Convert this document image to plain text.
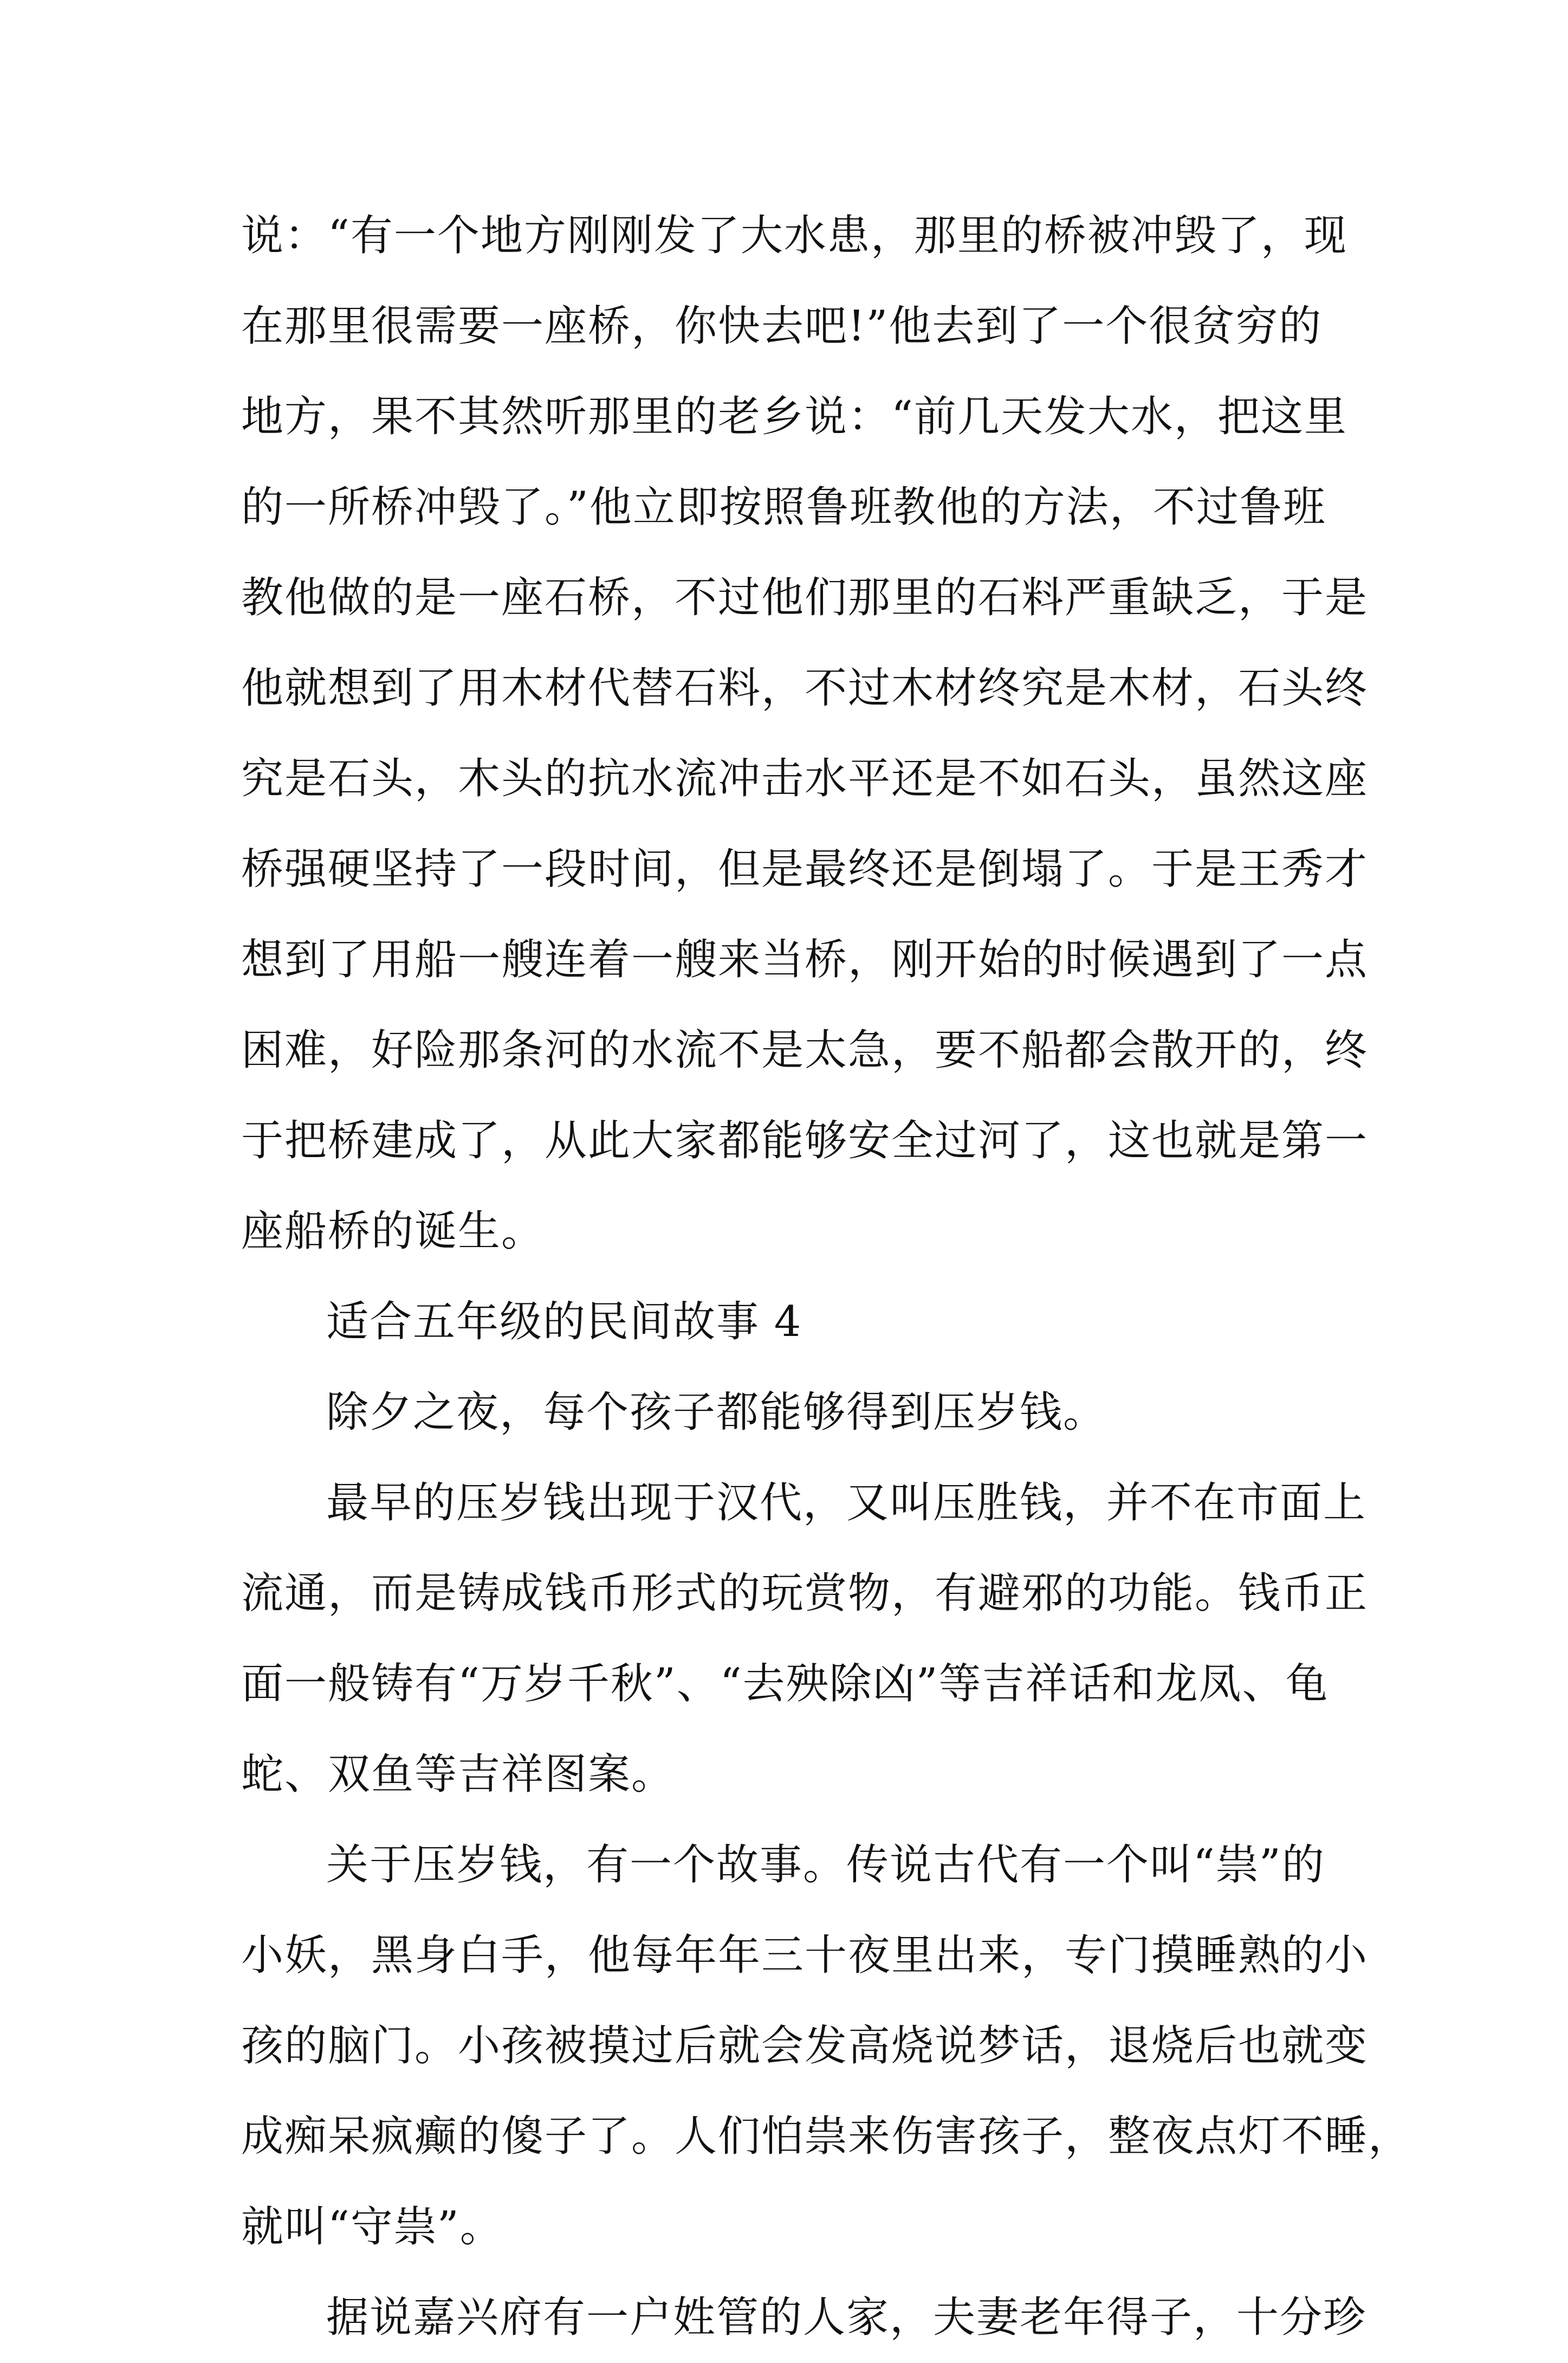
说：“有一个地方刚刚发了大水患，那里的桥被冲毁了，现
在那里很需要一座桥，你快去吧!”他去到了一个很贫穷的
地方，果不其然听那里的老乡说：“前几天发大水，把这里
的一所桥冲毁了。”他立即按照鲁班教他的方法，不过鲁班
教他做的是一座石桥，不过他们那里的石料严重缺乏，于是
他就想到了用木材代替石料，不过木材终究是木材，石头终
究是石头，木头的抗水流冲击水平还是不如石头，虽然这座
桥强硬坚持了一段时间，但是最终还是倒塌了。于是王秀才
想到了用船一艘连着一艘来当桥，刚开始的时候遇到了一点
困难，好险那条河的水流不是太急，要不船都会散开的，终
于把桥建成了，从此大家都能够安全过河了，这也就是第一
座船桥的诞生。
适合五年级的民间故事 4
除夕之夜，每个孩子都能够得到压岁钱。
最早的压岁钱出现于汉代，又叫压胜钱，并不在市面上
流通，而是铸成钱币形式的玩赏物，有避邪的功能。钱币正
面一般铸有“万岁千秋”、“去殃除凶”等吉祥话和龙凤、龟
蛇、双鱼等吉祥图案。
关于压岁钱，有一个故事。传说古代有一个叫“祟”的
小妖，黑身白手，他每年年三十夜里出来，专门摸睡熟的小
孩的脑门。小孩被摸过后就会发高烧说梦话，退烧后也就变
成痴呆疯癫的傻子了。人们怕祟来伤害孩子，整夜点灯不睡，
就叫“守祟”。
据说嘉兴府有一户姓管的人家，夫妻老年得子，十分珍
